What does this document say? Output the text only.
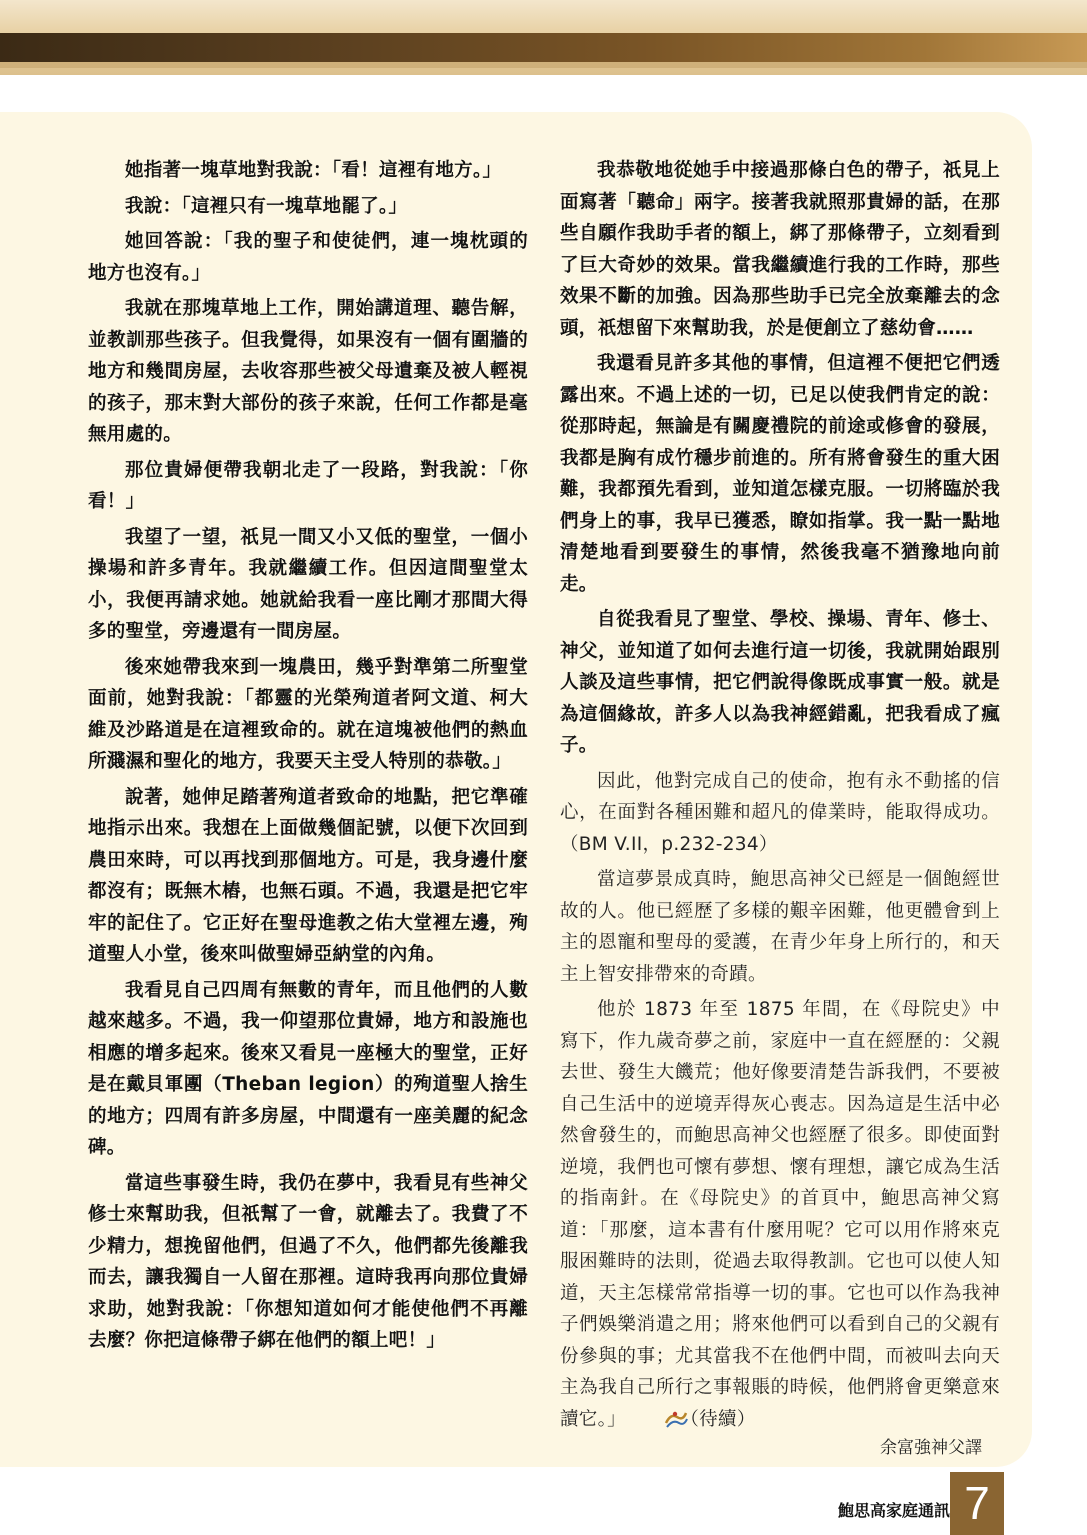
她指著一塊草地對我說：「看！這裡有地方。」

我說：「這裡只有一塊草地罷了。」

她回答說：「我的聖子和使徒們，連一塊枕頭的地方也沒有。」

我就在那塊草地上工作，開始講道理、聽告解，並教訓那些孩子。但我覺得，如果沒有一個有圍牆的地方和幾間房屋，去收容那些被父母遺棄及被人輕視的孩子，那末對大部份的孩子來說，任何工作都是毫無用處的。

那位貴婦便帶我朝北走了一段路，對我說：「你看！」

我望了一望，祇見一間又小又低的聖堂，一個小操場和許多青年。我就繼續工作。但因這間聖堂太小，我便再請求她。她就給我看一座比剛才那間大得多的聖堂，旁邊還有一間房屋。

後來她帶我來到一塊農田，幾乎對準第二所聖堂面前，她對我說：「都靈的光榮殉道者阿文道、柯大維及沙路道是在這裡致命的。就在這塊被他們的熱血所濺濕和聖化的地方，我要天主受人特別的恭敬。」

說著，她伸足踏著殉道者致命的地點，把它準確地指示出來。我想在上面做幾個記號，以便下次回到農田來時，可以再找到那個地方。可是，我身邊什麼都沒有；既無木樁，也無石頭。不過，我還是把它牢牢的記住了。它正好在聖母進教之佑大堂裡左邊，殉道聖人小堂，後來叫做聖婦亞納堂的內角。

我看見自己四周有無數的青年，而且他們的人數越來越多。不過，我一仰望那位貴婦，地方和設施也相應的增多起來。後來又看見一座極大的聖堂，正好是在戴貝軍團（Theban legion）的殉道聖人捨生的地方；四周有許多房屋，中間還有一座美麗的紀念碑。

當這些事發生時，我仍在夢中，我看見有些神父修士來幫助我，但祇幫了一會，就離去了。我費了不少精力，想挽留他們，但過了不久，他們都先後離我而去，讓我獨自一人留在那裡。這時我再向那位貴婦求助，她對我說：「你想知道如何才能使他們不再離去麼？你把這條帶子綁在他們的額上吧！」

我恭敬地從她手中接過那條白色的帶子，祇見上面寫著「聽命」兩字。接著我就照那貴婦的話，在那些自願作我助手者的額上，綁了那條帶子，立刻看到了巨大奇妙的效果。當我繼續進行我的工作時，那些效果不斷的加強。因為那些助手已完全放棄離去的念頭，祇想留下來幫助我，於是便創立了慈幼會……

我還看見許多其他的事情，但這裡不便把它們透露出來。不過上述的一切，已足以使我們肯定的說：從那時起，無論是有關慶禮院的前途或修會的發展，我都是胸有成竹穩步前進的。所有將會發生的重大困難，我都預先看到，並知道怎樣克服。一切將臨於我們身上的事，我早已獲悉，瞭如指掌。我一點一點地清楚地看到要發生的事情，然後我毫不猶豫地向前走。

自從我看見了聖堂、學校、操場、青年、修士、神父，並知道了如何去進行這一切後，我就開始跟別人談及這些事情，把它們說得像既成事實一般。就是為這個緣故，許多人以為我神經錯亂，把我看成了瘋子。

因此，他對完成自己的使命，抱有永不動搖的信心，在面對各種困難和超凡的偉業時，能取得成功。（BM V.II，p.232-234）

當這夢景成真時，鮑思高神父已經是一個飽經世故的人。他已經歷了多樣的艱辛困難，他更體會到上主的恩寵和聖母的愛護，在青少年身上所行的，和天主上智安排帶來的奇蹟。

他於 1873 年至 1875 年間，在《母院史》中寫下，作九歲奇夢之前，家庭中一直在經歷的：父親去世、發生大饑荒；他好像要清楚告訴我們，不要被自己生活中的逆境弄得灰心喪志。因為這是生活中必然會發生的，而鮑思高神父也經歷了很多。即使面對逆境，我們也可懷有夢想、懷有理想，讓它成為生活的指南針。在《母院史》的首頁中，鮑思高神父寫道：「那麼，這本書有什麼用呢？它可以用作將來克服困難時的法則，從過去取得教訓。它也可以使人知道，天主怎樣常常指導一切的事。它也可以作為我神子們娛樂消遣之用；將來他們可以看到自己的父親有份參與的事；尤其當我不在他們中間，而被叫去向天主為我自己所行之事報賬的時候，他們將會更樂意來讀它。」　　	（待續）

余富強神父譯
鮑思高家庭通訊 7
